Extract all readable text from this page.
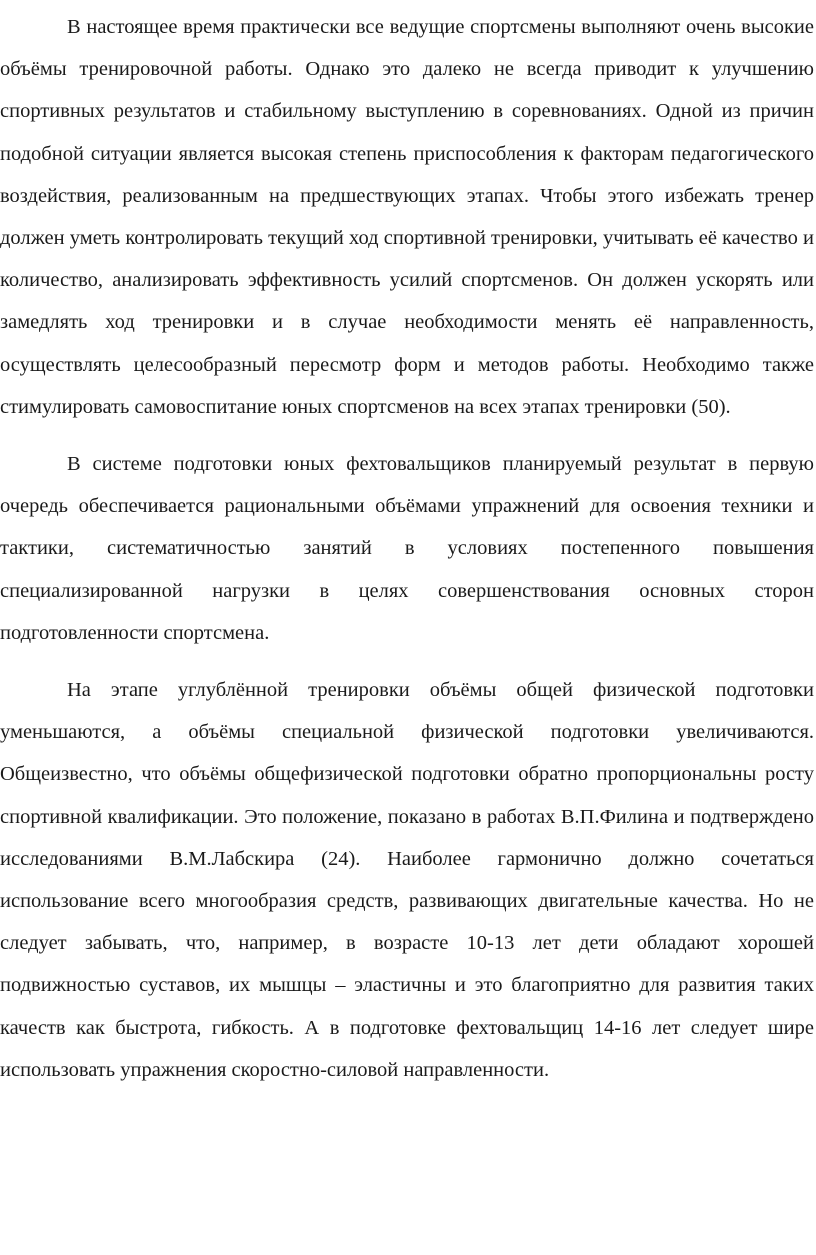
В настоящее время практически все ведущие спортсмены выполняют очень высокие объёмы тренировочной работы. Однако это далеко не всегда приводит к улучшению спортивных результатов и стабильному выступлению в соревнованиях. Одной из причин подобной ситуации является высокая степень приспособления к факторам педагогического воздействия, реализованным на предшествующих этапах. Чтобы этого избежать тренер должен уметь контролировать текущий ход спортивной тренировки, учитывать её качество и количество, анализировать эффективность усилий спортсменов. Он должен ускорять или замедлять ход тренировки и в случае необходимости менять её направленность, осуществлять целесообразный пересмотр форм и методов работы. Необходимо также стимулировать самовоспитание юных спортсменов на всех этапах тренировки (50).

В системе подготовки юных фехтовальщиков планируемый результат в первую очередь обеспечивается рациональными объёмами упражнений для освоения техники и тактики, систематичностью занятий в условиях постепенного повышения специализированной нагрузки в целях совершенствования основных сторон подготовленности спортсмена.

На этапе углублённой тренировки объёмы общей физической подготовки уменьшаются, а объёмы специальной физической подготовки увеличиваются. Общеизвестно, что объёмы общефизической подготовки обратно пропорциональны росту спортивной квалификации. Это положение, показано в работах В.П.Филина и подтверждено исследованиями В.М.Лабскира (24). Наиболее гармонично должно сочетаться использование всего многообразия средств, развивающих двигательные качества. Но не следует забывать, что, например, в возрасте 10-13 лет дети обладают хорошей подвижностью суставов, их мышцы – эластичны и это благоприятно для развития таких качеств как быстрота, гибкость. А в подготовке фехтовальщиц 14-16 лет следует шире использовать упражнения скоростно-силовой направленности.
